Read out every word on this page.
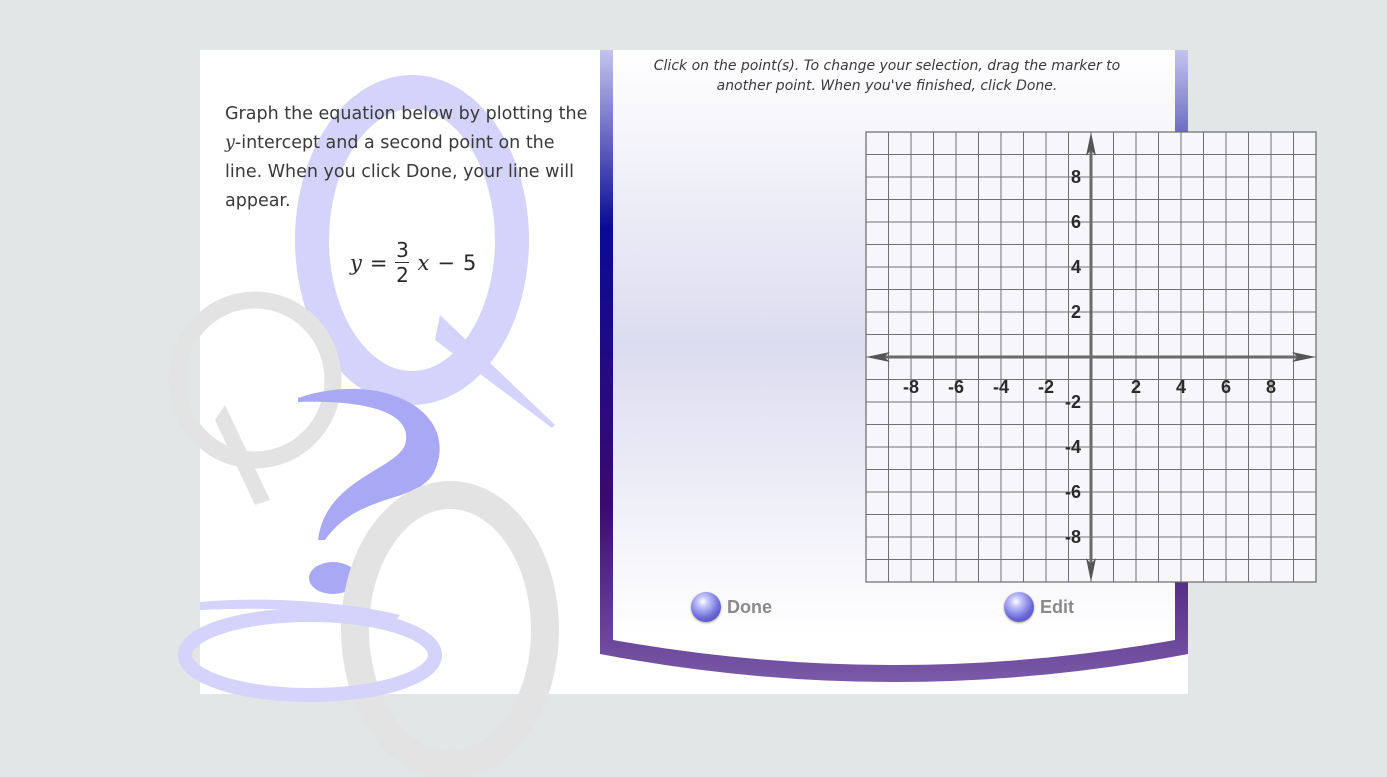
Graph the equation below by plotting the
y-intercept and a second point on the
line. When you click Done, your line will
appear.
$y = \frac{3}{2}$ x − 5
Click on the point(s). To change your selection, drag the marker to another point. When you've finished, click Done.
-8 -6 -4 -2	2 4 6 8
8
6
4
2
-2
-4
-6
-8
Done	Edit
